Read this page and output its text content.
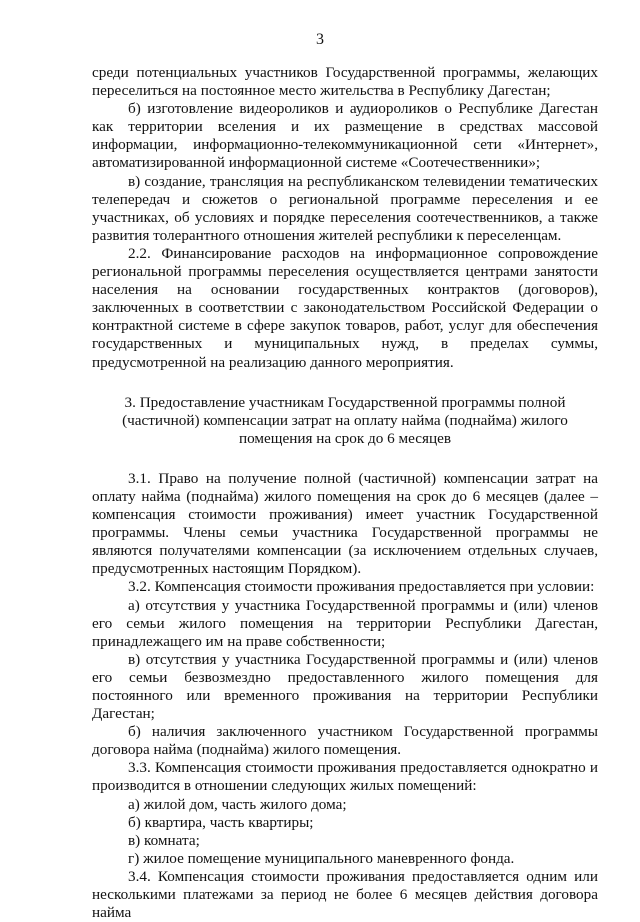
3

среди потенциальных участников Государственной программы, желающих переселиться на постоянное место жительства в Республику Дагестан;

б) изготовление видеороликов и аудиороликов о Республике Дагестан как территории вселения и их размещение в средствах массовой информации, информационно-телекоммуникационной сети «Интернет», автоматизированной информационной системе «Соотечественники»;

в) создание, трансляция на республиканском телевидении тематических телепередач и сюжетов о региональной программе переселения и ее участниках, об условиях и порядке переселения соотечественников, а также развития толерантного отношения жителей республики к переселенцам.

2.2. Финансирование расходов на информационное сопровождение региональной программы переселения осуществляется центрами занятости населения на основании государственных контрактов (договоров), заключенных в соответствии с законодательством Российской Федерации о контрактной системе в сфере закупок товаров, работ, услуг для обеспечения государственных и муниципальных нужд, в пределах суммы, предусмотренной на реализацию данного мероприятия.

3. Предоставление участникам Государственной программы полной (частичной) компенсации затрат на оплату найма (поднайма) жилого помещения на срок до 6 месяцев

3.1. Право на получение полной (частичной) компенсации затрат на оплату найма (поднайма) жилого помещения на срок до 6 месяцев (далее – компенсация стоимости проживания) имеет участник Государственной программы. Члены семьи участника Государственной программы не являются получателями компенсации (за исключением отдельных случаев, предусмотренных настоящим Порядком).

3.2. Компенсация стоимости проживания предоставляется при условии:

а) отсутствия у участника Государственной программы и (или) членов его семьи жилого помещения на территории Республики Дагестан, принадлежащего им на праве собственности;

в) отсутствия у участника Государственной программы и (или) членов его семьи безвозмездно предоставленного жилого помещения для постоянного или временного проживания на территории Республики Дагестан;

б) наличия заключенного участником Государственной программы договора найма (поднайма) жилого помещения.

3.3. Компенсация стоимости проживания предоставляется однократно и производится в отношении следующих жилых помещений:

а) жилой дом, часть жилого дома;

б) квартира, часть квартиры;

в) комната;

г) жилое помещение муниципального маневренного фонда.

3.4. Компенсация стоимости проживания предоставляется одним или несколькими платежами за период не более 6 месяцев действия договора найма
